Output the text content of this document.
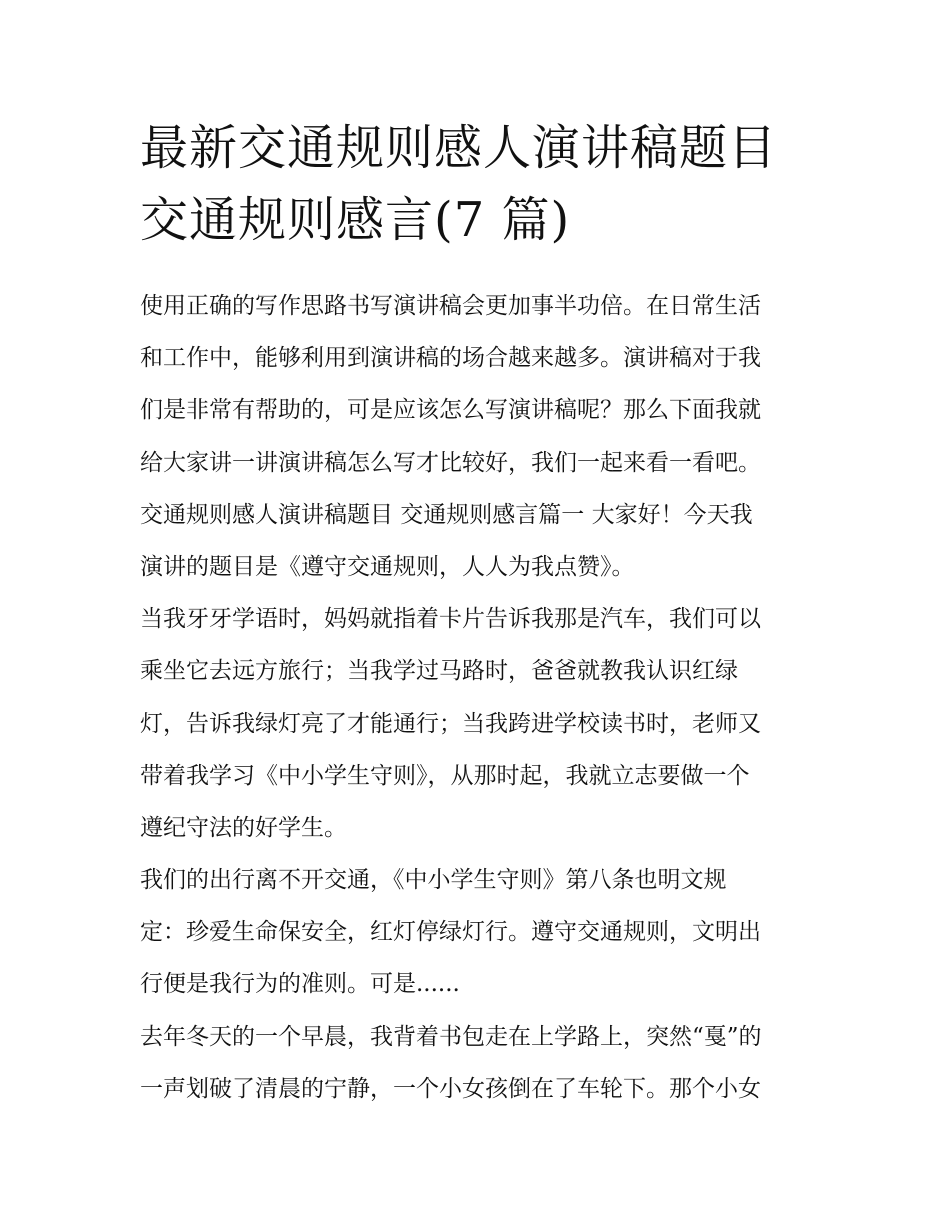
最新交通规则感人演讲稿题目
交通规则感言(7 篇)
使用正确的写作思路书写演讲稿会更加事半功倍。在日常生活
和工作中，能够利用到演讲稿的场合越来越多。演讲稿对于我
们是非常有帮助的，可是应该怎么写演讲稿呢？那么下面我就
给大家讲一讲演讲稿怎么写才比较好，我们一起来看一看吧。
交通规则感人演讲稿题目 交通规则感言篇一 大家好！今天我
演讲的题目是《遵守交通规则，人人为我点赞》。
当我牙牙学语时，妈妈就指着卡片告诉我那是汽车，我们可以
乘坐它去远方旅行；当我学过马路时，爸爸就教我认识红绿
灯，告诉我绿灯亮了才能通行；当我跨进学校读书时，老师又
带着我学习《中小学生守则》，从那时起，我就立志要做一个
遵纪守法的好学生。
我们的出行离不开交通，《中小学生守则》第八条也明文规
定：珍爱生命保安全，红灯停绿灯行。遵守交通规则，文明出
行便是我行为的准则。可是......
去年冬天的一个早晨，我背着书包走在上学路上，突然“戛”的
一声划破了清晨的宁静，一个小女孩倒在了车轮下。那个小女
